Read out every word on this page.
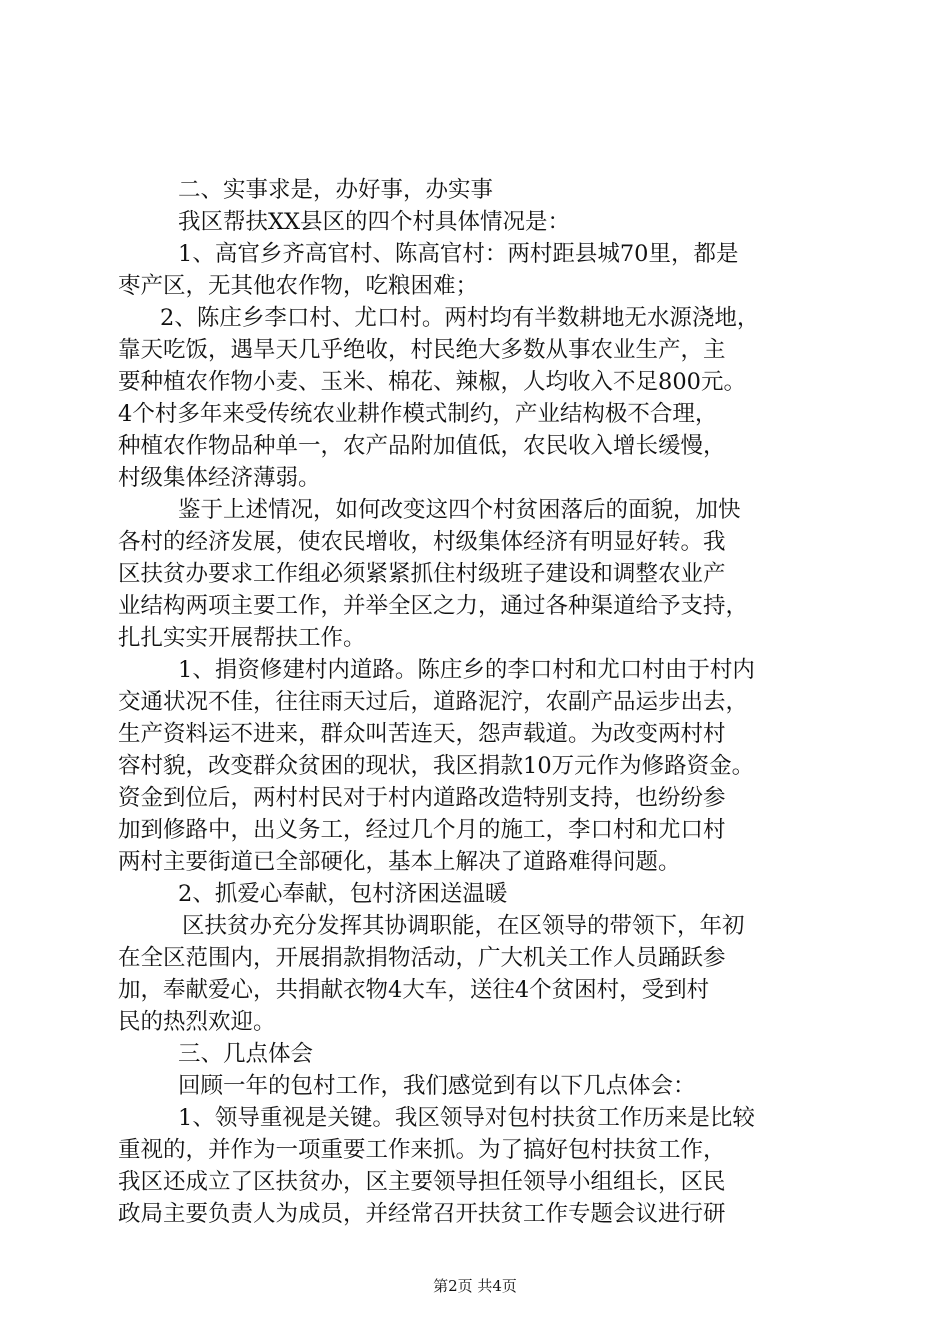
二、实事求是，办好事，办实事
我区帮扶XX县区的四个村具体情况是：
1、高官乡齐高官村、陈高官村：两村距县城70里，都是
枣产区，无其他农作物，吃粮困难；
2、陈庄乡李口村、尤口村。两村均有半数耕地无水源浇地，
靠天吃饭，遇旱天几乎绝收，村民绝大多数从事农业生产，主
要种植农作物小麦、玉米、棉花、辣椒，人均收入不足800元。
4个村多年来受传统农业耕作模式制约，产业结构极不合理，
种植农作物品种单一，农产品附加值低，农民收入增长缓慢，
村级集体经济薄弱。
鉴于上述情况，如何改变这四个村贫困落后的面貌，加快
各村的经济发展，使农民增收，村级集体经济有明显好转。我
区扶贫办要求工作组必须紧紧抓住村级班子建设和调整农业产
业结构两项主要工作，并举全区之力，通过各种渠道给予支持，
扎扎实实开展帮扶工作。
1、捐资修建村内道路。陈庄乡的李口村和尤口村由于村内
交通状况不佳，往往雨天过后，道路泥泞，农副产品运步出去，
生产资料运不进来，群众叫苦连天，怨声载道。为改变两村村
容村貌，改变群众贫困的现状，我区捐款10万元作为修路资金。
资金到位后，两村村民对于村内道路改造特别支持，也纷纷参
加到修路中，出义务工，经过几个月的施工，李口村和尤口村
两村主要街道已全部硬化，基本上解决了道路难得问题。
2、抓爱心奉献，包村济困送温暖
区扶贫办充分发挥其协调职能，在区领导的带领下，年初
在全区范围内，开展捐款捐物活动，广大机关工作人员踊跃参
加，奉献爱心，共捐献衣物4大车，送往4个贫困村，受到村
民的热烈欢迎。
三、几点体会
回顾一年的包村工作，我们感觉到有以下几点体会：
1、领导重视是关键。我区领导对包村扶贫工作历来是比较
重视的，并作为一项重要工作来抓。为了搞好包村扶贫工作，
我区还成立了区扶贫办，区主要领导担任领导小组组长，区民
政局主要负责人为成员，并经常召开扶贫工作专题会议进行研
第2页 共4页
